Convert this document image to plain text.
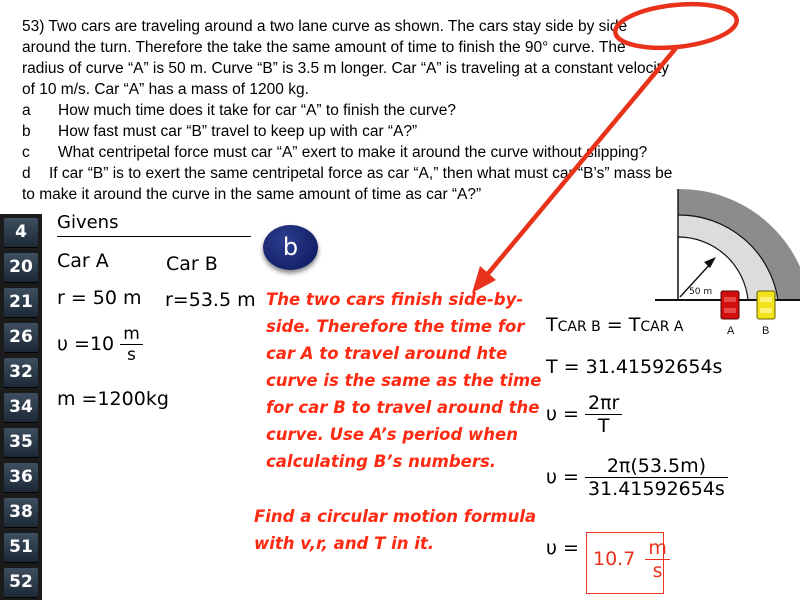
53) Two cars are traveling around a two lane curve as shown. The cars stay side by side

around the turn. Therefore the take the same amount of time to finish the 90° curve. The

radius of curve “A” is 50 m. Curve “B” is 3.5 m longer. Car “A” is traveling at a constant velocity

of 10 m/s. Car “A” has a mass of 1200 kg.

a	How much time does it take for car “A” to finish the curve?
b	How fast must car “B” travel to keep up with car “A?”
c	What centripetal force must car “A” exert to make it around the curve without slipping?
d	If car “B” is to exert the same centripetal force as car “A,” then what must car “B’s” mass be

to make it around the curve in the same amount of time as car “A?”

4
20
21
26
32
34
35
36
38
51
52
Givens
Car A	Car B
r = 50 m r=53.5 m
$\upsilon =10 \frac{m}{s}$
m =1200kg
b
The two cars finish side-by-
side. Therefore the time for
car A to travel around hte
curve is the same as the time
for car B to travel around the
curve. Use A’s period when
calculating B’s numbers.
Find a circular motion formula
with v,r, and T in it.
50 m
A	B
TCAR B = TCAR A
T = 31.41592654s
$\upsilon = \frac{2\pi r}{T}$
$\upsilon = \frac{2\pi(53.5m)}{31.41592654s}$
$\upsilon = 10.7 \frac{m}{s}$
